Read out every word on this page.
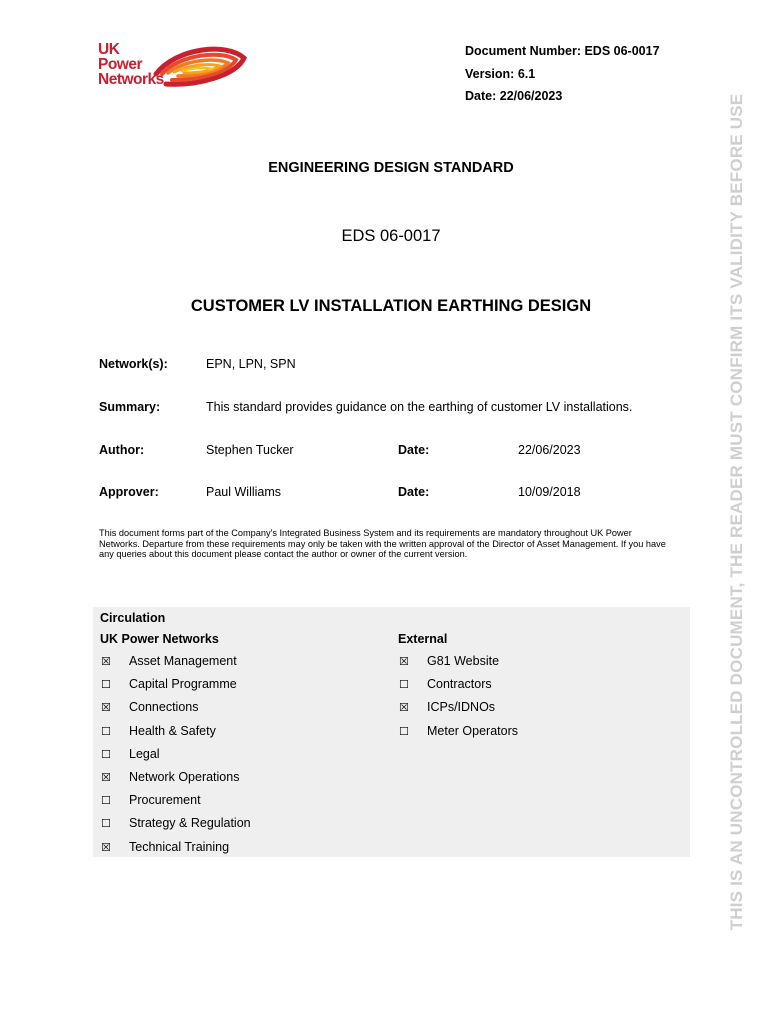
UK
Power
Networks
Document Number: EDS 06-0017
Version: 6.1
Date: 22/06/2023
ENGINEERING DESIGN STANDARD
EDS 06-0017
CUSTOMER LV INSTALLATION EARTHING DESIGN
Network(s):	EPN, LPN, SPN
Summary:	This standard provides guidance on the earthing of customer LV installations.
Author:	Stephen Tucker	Date:	22/06/2023
Approver:	Paul Williams	Date:	10/09/2018
This document forms part of the Company's Integrated Business System and its requirements are mandatory throughout UK Power Networks. Departure from these requirements may only be taken with the written approval of the Director of Asset Management. If you have any queries about this document please contact the author or owner of the current version.
Circulation
UK Power Networks
☒ Asset Management
☐ Capital Programme
☒ Connections
☐ Health & Safety
☐ Legal
☒ Network Operations
☐ Procurement
☐ Strategy & Regulation
☒ Technical Training
External
☒ G81 Website
☐ Contractors
☒ ICPs/IDNOs
☐ Meter Operators	THIS IS AN UNCONTROLLED DOCUMENT, THE READER MUST CONFIRM ITS VALIDITY BEFORE USE
